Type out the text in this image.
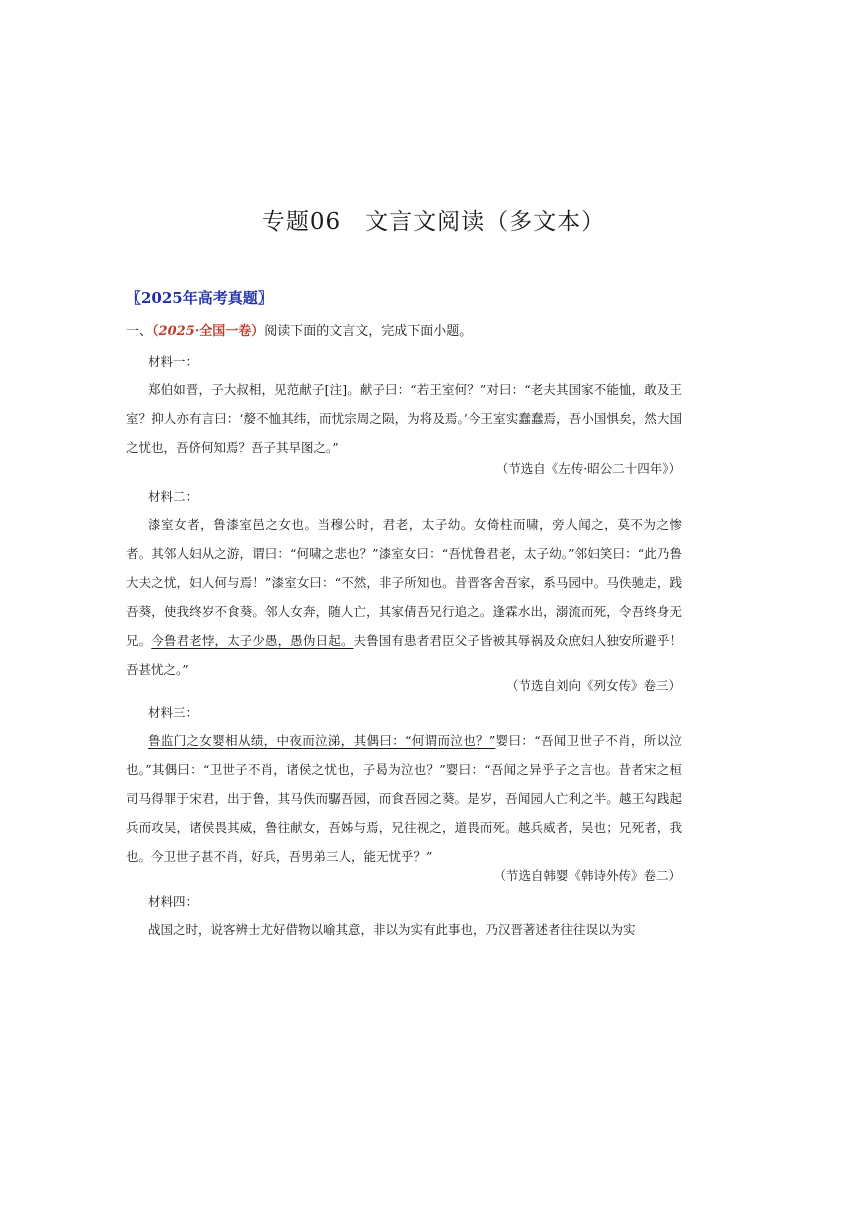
专题06　文言文阅读（多文本）
〖2025年高考真题〗
一、（2025·全国一卷）阅读下面的文言文，完成下面小题。
材料一：
郑伯如晋，子大叔相，见范献子[注]。献子曰：“若王室何？”对曰：“老夫其国家不能恤，敢及王室？抑人亦有言曰：‘嫠不恤其纬，而忧宗周之陨，为将及焉。’今王室实蠢蠢焉，吾小国惧矣，然大国之忧也，吾侪何知焉？吾子其早图之。”
（节选自《左传·昭公二十四年》）
材料二：
漆室女者，鲁漆室邑之女也。当穆公时，君老，太子幼。女倚柱而啸，旁人闻之，莫不为之惨者。其邻人妇从之游，谓曰：“何啸之悲也？”漆室女曰：“吾忧鲁君老，太子幼。”邻妇笑曰：“此乃鲁大夫之忧，妇人何与焉！”漆室女曰：“不然，非子所知也。昔晋客舍吾家，系马园中。马佚驰走，践吾葵，使我终岁不食葵。邻人女奔，随人亡，其家倩吾兄行追之。逢霖水出，溺流而死，令吾终身无兄。今鲁君老悖，太子少愚，愚伪日起。夫鲁国有患者君臣父子皆被其辱祸及众庶妇人独安所避乎！吾甚忧之。”
（节选自刘向《列女传》卷三）
材料三：
鲁监门之女婴相从绩，中夜而泣涕，其偶曰：“何谓而泣也？”婴曰：“吾闻卫世子不肖，所以泣也。”其偶曰：“卫世子不肖，诸侯之忧也，子曷为泣也？”婴曰：“吾闻之异乎子之言也。昔者宋之桓司马得罪于宋君，出于鲁，其马佚而驏吾园，而食吾园之葵。是岁，吾闻园人亡利之半。越王勾践起兵而攻吴，诸侯畏其威，鲁往献女，吾姊与焉，兄往视之，道畏而死。越兵威者，吴也；兄死者，我也。今卫世子甚不肖，好兵，吾男弟三人，能无忧乎？”
（节选自韩婴《韩诗外传》卷二）
材料四：
战国之时，说客辨士尤好借物以喻其意，非以为实有此事也，乃汉晋著述者往往误以为实
